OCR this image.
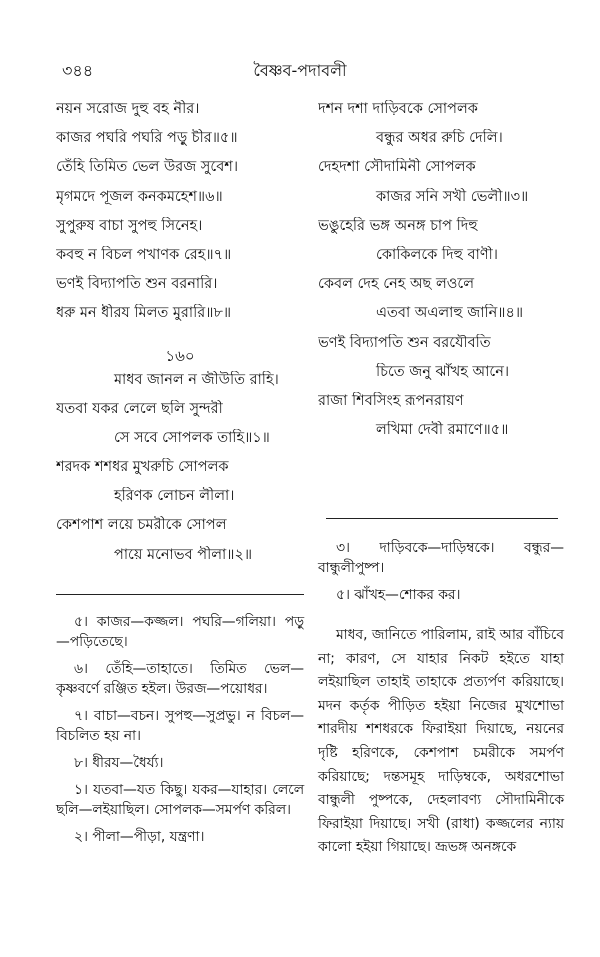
৩৪৪	বৈষ্ণব-পদাবলী
নয়ন সরোজ দুহু বহ নীর।
কাজর পঘরি পঘরি পড়ু চীর॥৫॥
তেঁহি তিমিত ভেল উরজ সুবেশ।
মৃগমদে পূজল কনকমহেশ॥৬॥
সুপুরুষ বাচা সুপহু সিনেহ।
কবহু ন বিচল পখাণক রেহ॥৭॥
ভণই বিদ্যাপতি শুন বরনারি।
ধরু মন ধীরয মিলত মুরারি॥৮॥
১৬০
মাধব জানল ন জীউতি রাহি।
যতবা যকর লেলে ছলি সুন্দরী
সে সবে সোপলক তাহি॥১॥
শরদক শশধর মুখরুচি সোপলক
হরিণক লোচন লীলা।
কেশপাশ লয়ে চমরীকে সোপল
পায়ে মনোভব পীলা॥২॥

৫। কাজর—কজ্জল। পঘরি—গলিয়া। পড়ু—পড়িতেছে।

৬। তেঁহি—তাহাতে। তিমিত ভেল—কৃষ্ণবর্ণে রঞ্জিত হইল। উরজ—পয়োধর।

৭। বাচা—বচন। সুপহু—সুপ্রভু। ন বিচল—বিচলিত হয় না।

৮। ধীরয—ধৈর্য্য।

১। যতবা—যত কিছু। যকর—যাহার। লেলে ছলি—লইয়াছিল। সোপলক—সমর্পণ করিল।

২। পীলা—পীড়া, যন্ত্রণা।

দশন দশা দাড়িবকে সোপলক
বন্ধুর অধর রুচি দেলি।
দেহদশা সৌদামিনী সোপলক
কাজর সনি সখী ভেলী॥৩॥
ভঙুহেরি ভঙ্গ অনঙ্গ চাপ দিহু
কোকিলকে দিহু বাণী।
কেবল দেহ নেহ অছ লওলে
এতবা অএলাহু জানি॥৪॥
ভণই বিদ্যাপতি শুন বরযৌবতি
চিতে জনু ঝাঁখহ আনে।
রাজা শিবসিংহ রূপনরায়ণ
লখিমা দেবী রমাণে॥৫॥

৩। দাড়িবকে—দাড়িম্বকে। বন্ধুর—বান্ধুলীপুষ্প।

৫। ঝাঁখহ—শোকর কর।

মাধব, জানিতে পারিলাম, রাই আর বাঁচিবে না; কারণ, সে যাহার নিকট হইতে যাহা লইয়াছিল তাহাই তাহাকে প্রত্যর্পণ করিয়াছে। মদন কর্তৃক পীড়িত হইয়া নিজের মুখশোভা শারদীয় শশধরকে ফিরাইয়া দিয়াছে, নয়নের দৃষ্টি হরিণকে, কেশপাশ চমরীকে সমর্পণ করিয়াছে; দন্তসমূহ দাড়িম্বকে, অধরশোভা বান্ধুলী পুষ্পকে, দেহলাবণ্য সৌদামিনীকে ফিরাইয়া দিয়াছে। সখী (রাধা) কজ্জলের ন্যায় কালো হইয়া গিয়াছে। ভ্রূভঙ্গ অনঙ্গকে
